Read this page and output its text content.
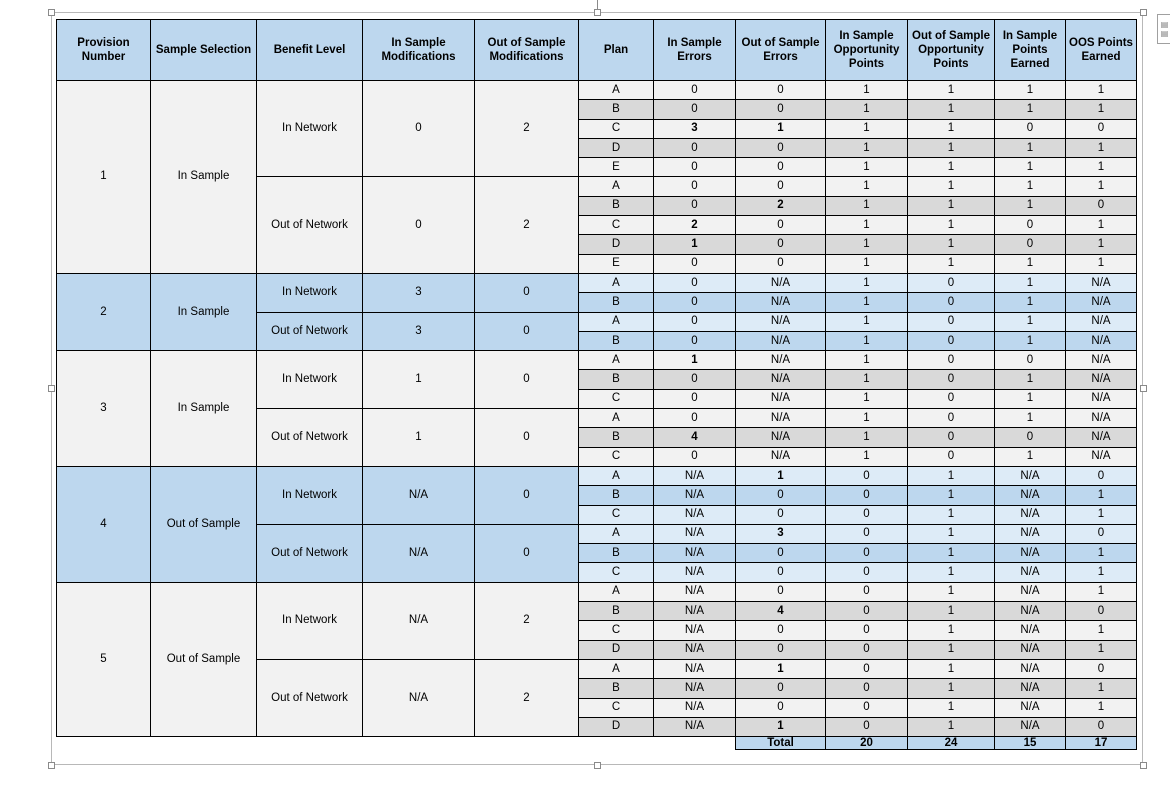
▤▤
Provision Number	Sample Selection	Benefit Level	In Sample Modifications	Out of Sample Modifications	Plan	In Sample Errors	Out of Sample Errors	In Sample Opportunity Points	Out of Sample Opportunity Points	In Sample Points Earned	OOS Points Earned
1	In Sample	In Network	0	2	A	0	0	1	1	1	1
					B	0	0	1	1	1	1
					C	3	1	1	1	0	0
					D	0	0	1	1	1	1
					E	0	0	1	1	1	1
		Out of Network	0	2	A	0	0	1	1	1	1
					B	0	2	1	1	1	0
					C	2	0	1	1	0	1
					D	1	0	1	1	0	1
					E	0	0	1	1	1	1
2	In Sample	In Network	3	0	A	0	N/A	1	0	1	N/A
					B	0	N/A	1	0	1	N/A
		Out of Network	3	0	A	0	N/A	1	0	1	N/A
					B	0	N/A	1	0	1	N/A
3	In Sample	In Network	1	0	A	1	N/A	1	0	0	N/A
					B	0	N/A	1	0	1	N/A
					C	0	N/A	1	0	1	N/A
		Out of Network	1	0	A	0	N/A	1	0	1	N/A
					B	4	N/A	1	0	0	N/A
					C	0	N/A	1	0	1	N/A
4	Out of Sample	In Network	N/A	0	A	N/A	1	0	1	N/A	0
					B	N/A	0	0	1	N/A	1
					C	N/A	0	0	1	N/A	1
		Out of Network	N/A	0	A	N/A	3	0	1	N/A	0
					B	N/A	0	0	1	N/A	1
					C	N/A	0	0	1	N/A	1
5	Out of Sample	In Network	N/A	2	A	N/A	0	0	1	N/A	1
					B	N/A	4	0	1	N/A	0
					C	N/A	0	0	1	N/A	1
					D	N/A	0	0	1	N/A	1
		Out of Network	N/A	2	A	N/A	1	0	1	N/A	0
					B	N/A	0	0	1	N/A	1
					C	N/A	0	0	1	N/A	1
					D	N/A	1	0	1	N/A	0
							Total	20	24	15	17
